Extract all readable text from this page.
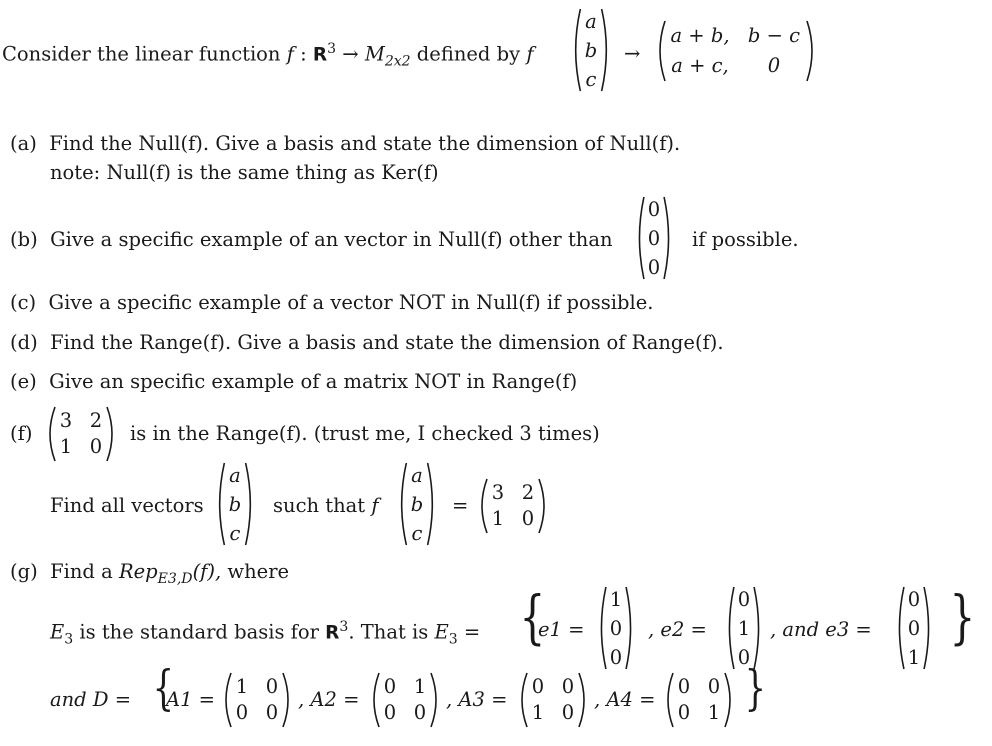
Consider the linear function f : $R^3 \to M_{2x2}$ defined by f
a
b
c
→
a + b, b − c
a + c,	0
(a) Find the Null(f). Give a basis and state the dimension of Null(f).
note: Null(f) is the same thing as Ker(f)
(b) Give a specific example of an vector in Null(f) other than
0
0
0
if possible.
(c) Give a specific example of a vector NOT in Null(f) if possible.
(d) Find the Range(f). Give a basis and state the dimension of Range(f).
(e) Give an specific example of a matrix NOT in Range(f)
(f)
3 2
1 0
is in the Range(f). (trust me, I checked 3 times)
Find all vectors
a
b
c
such that f
a
b
c
=
3 2
1 0
(g) Find a Rep$_{E3,D}$(f), where
$E_3$ is the standard basis for $R^3$. That is $E_3$ = {
e1 =
1
0
0
, e2 =
0
1
0
, and e3 =
0
0
1
}
and D = {
A1 =
1 0
0 0
, A2 =
0 1
0 0
, A3 =
0 0
1 0
, A4 =
0 0
0 1 }
